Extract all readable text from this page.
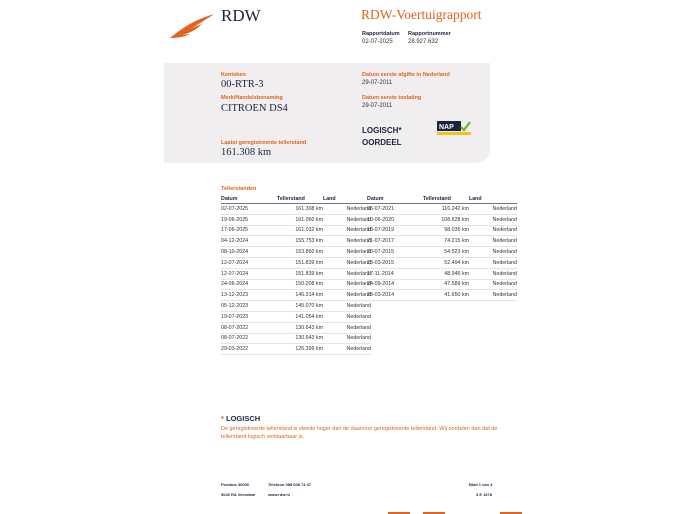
RDW	RDW-Voertuigrapport
Rapportdatum
02-07-2025
Rapportnummer
28.927.632
Kenteken
00-RTR-3
Merk/Handelsbenaming
CITROEN DS4
Laatst geregistreerde tellerstand
161.308 km
Datum eerste afgifte in Nederland
29-07-2011
Datum eerste toelating
29-07-2011
LOGISCH*
OORDEEL
NAP
Tellerstanden
Datum	Tellerstand	Land
02-07-2025	161.308 km	Nederland
19-06-2025	161.060 km	Nederland
17-06-2025	161.032 km	Nederland
04-12-2024	155.753 km	Nederland
08-10-2024	153.860 km	Nederland
12-07-2024	151.839 km	Nederland
12-07-2024	151.839 km	Nederland
24-06-2024	150.208 km	Nederland
13-12-2023	146.314 km	Nederland
05-12-2023	145.070 km	Nederland
19-07-2023	141.054 km	Nederland
08-07-2022	130.643 km	Nederland
08-07-2022	130.643 km	Nederland
29-03-2022	126.399 km	Nederland
Datum	Tellerstand	Land
06-07-2021	116.242 km	Nederland
10-06-2020	108.628 km	Nederland
18-07-2019	98.035 km	Nederland
21-07-2017	74.215 km	Nederland
20-07-2015	54.523 km	Nederland
23-03-2015	52.494 km	Nederland
17-11-2014	48.946 km	Nederland
24-09-2014	47.589 km	Nederland
28-03-2014	41.650 km	Nederland
* LOGISCH
De geregistreerde tellerstand is steeds hoger dan de daarvoor geregistreerde tellerstand. Wij oordelen dan dat de tellerstand logisch verklaarbaar is.
Postbus 30000
9640 RA Veendam
Telefoon 088 008 74 47
www.rdw.nl
Blad 1 van 3
3 E 1678
